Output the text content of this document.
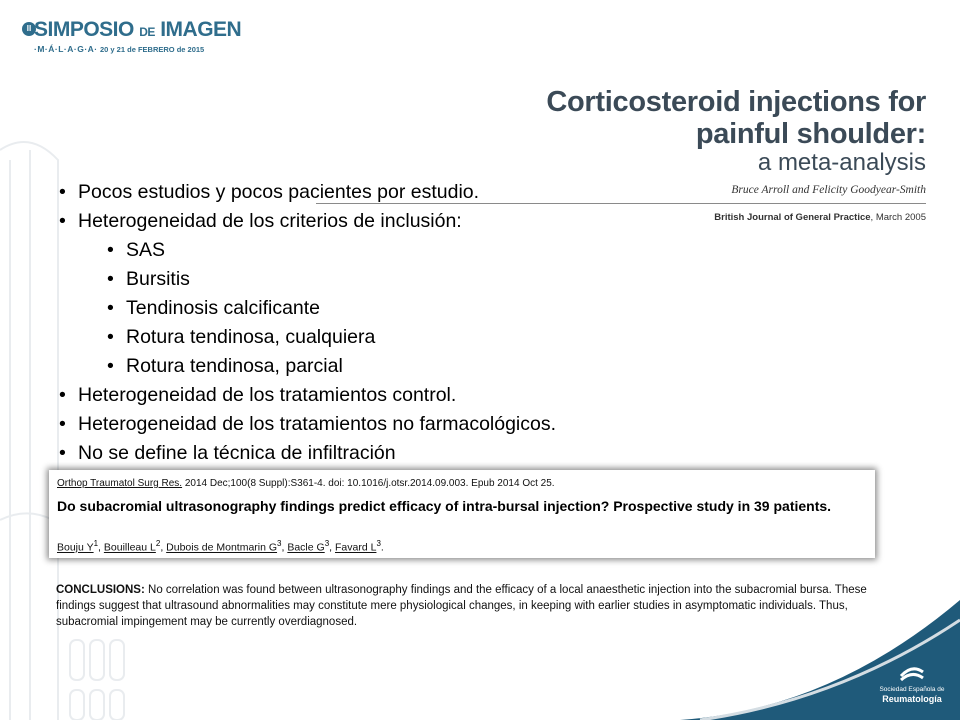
II SIMPOSIO DE IMAGEN
·M·Á·L·A·G·A· 20 y 21 de FEBRERO de 2015
Corticosteroid injections for
painful shoulder:
a meta-analysis
Bruce Arroll and Felicity Goodyear-Smith
British Journal of General Practice, March 2005
• Pocos estudios y pocos pacientes por estudio.
• Heterogeneidad de los criterios de inclusión:
• SAS
• Bursitis
• Tendinosis calcificante
• Rotura tendinosa, cualquiera
• Rotura tendinosa, parcial
• Heterogeneidad de los tratamientos control.
• Heterogeneidad de los tratamientos no farmacológicos.
• No se define la técnica de infiltración
Orthop Traumatol Surg Res. 2014 Dec;100(8 Suppl):S361-4. doi: 10.1016/j.otsr.2014.09.003. Epub 2014 Oct 25.
Do subacromial ultrasonography findings predict efficacy of intra-bursal injection? Prospective study in 39 patients.
Bouju $Y^1$, Bouilleau $L^2$, Dubois de Montmarin $G^3$, Bacle $G^3$, Favard $L^3$.
CONCLUSIONS: No correlation was found between ultrasonography findings and the efficacy of a local anaesthetic injection into the subacromial bursa. These findings suggest that ultrasound abnormalities may constitute mere physiological changes, in keeping with earlier studies in asymptomatic individuals. Thus, subacromial impingement may be currently overdiagnosed.
Sociedad Española de
Reumatología
